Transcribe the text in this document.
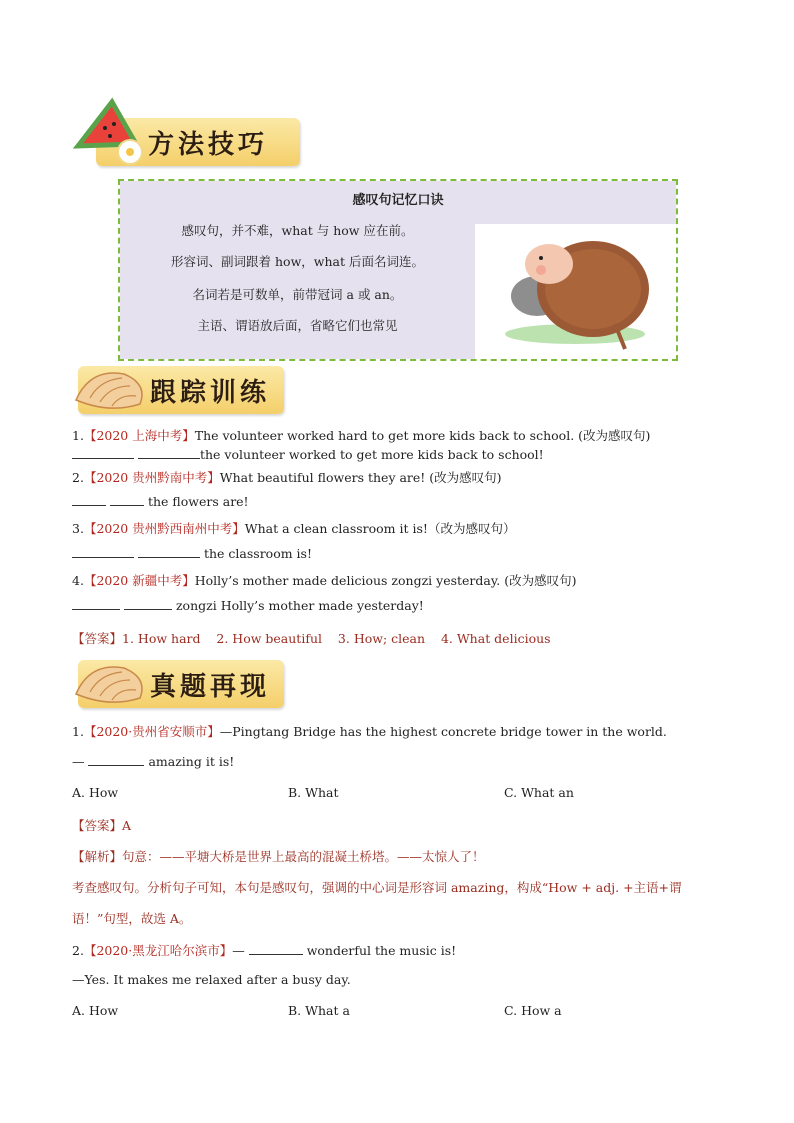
方法技巧
感叹句记忆口诀
感叹句，并不难，what 与 how 应在前。
形容词、副词跟着 how，what 后面名词连。
名词若是可数单，前带冠词 a 或 an。
主语、谓语放后面，省略它们也常见
跟踪训练
1.【2020 上海中考】The volunteer worked hard to get more kids back to school. (改为感叹句)
the volunteer worked to get more kids back to school!
2.【2020 贵州黔南中考】What beautiful flowers they are! (改为感叹句)
the flowers are!
3.【2020 贵州黔西南州中考】What a clean classroom it is!（改为感叹句）
the classroom is!
4.【2020 新疆中考】Holly’s mother made delicious zongzi yesterday. (改为感叹句)
zongzi Holly’s mother made yesterday!
【答案】1. How hard 2. How beautiful 3. How; clean 4. What delicious
真题再现
1.【2020·贵州省安顺市】—Pingtang Bridge has the highest concrete bridge tower in the world.
—	amazing it is!
A. How	B. What	C. What an
【答案】A
【解析】句意：——平塘大桥是世界上最高的混凝土桥塔。——太惊人了！
考查感叹句。分析句子可知，本句是感叹句，强调的中心词是形容词 amazing，构成“How + adj. +主语+谓
语！”句型，故选 A。
2.【2020·黑龙江哈尔滨市】—	wonderful the music is!
—Yes. It makes me relaxed after a busy day.
A. How	B. What a	C. How a
